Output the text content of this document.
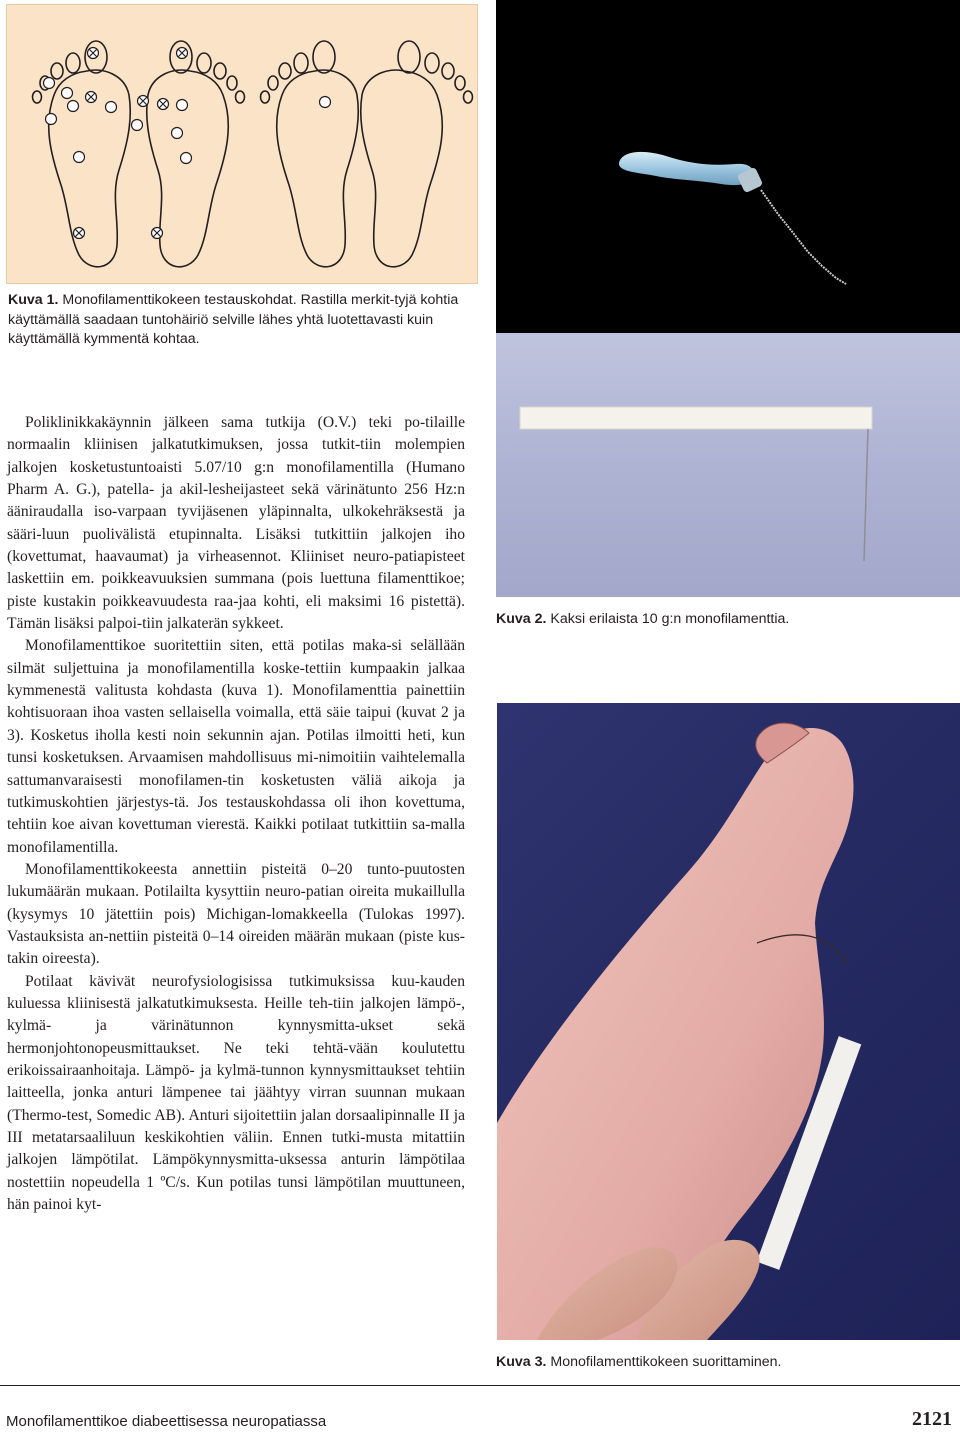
Kuva 1. Monofilamenttikokeen testauskohdat. Rastilla merkit-tyjä kohtia käyttämällä saadaan tuntohäiriö selville lähes yhtä luotettavasti kuin käyttämällä kymmentä kohtaa.
Kuva 2. Kaksi erilaista 10 g:n monofilamenttia.
Kuva 3. Monofilamenttikokeen suorittaminen.

Poliklinikkakäynnin jälkeen sama tutkija (O.V.) teki po-tilaille normaalin kliinisen jalkatutkimuksen, jossa tutkit-tiin molempien jalkojen kosketustuntoaisti 5.07/10 g:n monofilamentilla (Humano Pharm A. G.), patella- ja akil-lesheijasteet sekä värinätunto 256 Hz:n ääniraudalla iso-varpaan tyvijäsenen yläpinnalta, ulkokehräksestä ja sääri-luun puolivälistä etupinnalta. Lisäksi tutkittiin jalkojen iho (kovettumat, haavaumat) ja virheasennot. Kliiniset neuro-patiapisteet laskettiin em. poikkeavuuksien summana (pois luettuna filamenttikoe; piste kustakin poikkeavuudesta raa-jaa kohti, eli maksimi 16 pistettä). Tämän lisäksi palpoi-tiin jalkaterän sykkeet.

Monofilamenttikoe suoritettiin siten, että potilas maka-si selällään silmät suljettuina ja monofilamentilla koske-tettiin kumpaakin jalkaa kymmenestä valitusta kohdasta (kuva 1). Monofilamenttia painettiin kohtisuoraan ihoa vasten sellaisella voimalla, että säie taipui (kuvat 2 ja 3). Kosketus iholla kesti noin sekunnin ajan. Potilas ilmoitti heti, kun tunsi kosketuksen. Arvaamisen mahdollisuus mi-nimoitiin vaihtelemalla sattumanvaraisesti monofilamen-tin kosketusten väliä aikoja ja tutkimuskohtien järjestys-tä. Jos testauskohdassa oli ihon kovettuma, tehtiin koe aivan kovettuman vierestä. Kaikki potilaat tutkittiin sa-malla monofilamentilla.

Monofilamenttikokeesta annettiin pisteitä 0–20 tunto-puutosten lukumäärän mukaan. Potilailta kysyttiin neuro-patian oireita mukaillulla (kysymys 10 jätettiin pois) Michigan-lomakkeella (Tulokas 1997). Vastauksista an-nettiin pisteitä 0–14 oireiden määrän mukaan (piste kus-takin oireesta).

Potilaat kävivät neurofysiologisissa tutkimuksissa kuu-kauden kuluessa kliinisestä jalkatutkimuksesta. Heille teh-tiin jalkojen lämpö-, kylmä- ja värinätunnon kynnysmitta-ukset sekä hermonjohtonopeusmittaukset. Ne teki tehtä-vään koulutettu erikoissairaanhoitaja. Lämpö- ja kylmä-tunnon kynnysmittaukset tehtiin laitteella, jonka anturi lämpenee tai jäähtyy virran suunnan mukaan (Thermo-test, Somedic AB). Anturi sijoitettiin jalan dorsaalipinnalle II ja III metatarsaaliluun keskikohtien väliin. Ennen tutki-musta mitattiin jalkojen lämpötilat. Lämpökynnysmitta-uksessa anturin lämpötilaa nostettiin nopeudella 1 ºC/s. Kun potilas tunsi lämpötilan muuttuneen, hän painoi kyt-

Monofilamenttikoe diabeettisessa neuropatiassa	2121
